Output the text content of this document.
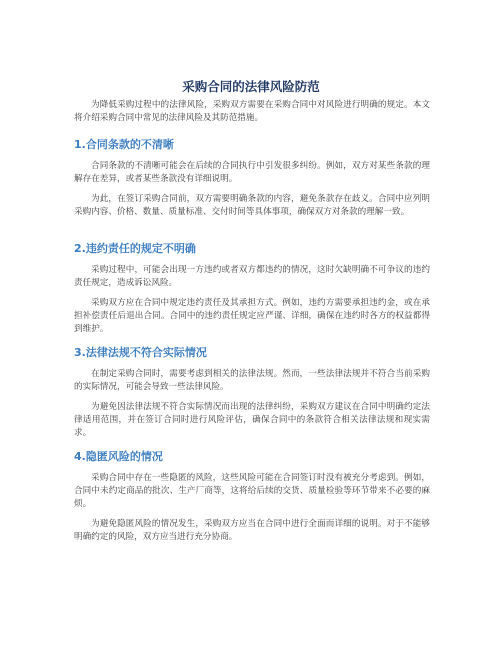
采购合同的法律风险防范

为降低采购过程中的法律风险，采购双方需要在采购合同中对风险进行明确的规定。本文将介绍采购合同中常见的法律风险及其防范措施。

1.合同条款的不清晰

合同条款的不清晰可能会在后续的合同执行中引发很多纠纷。例如，双方对某些条款的理解存在差异，或者某些条款没有详细说明。

为此，在签订采购合同前，双方需要明确条款的内容，避免条款存在歧义。合同中应列明采购内容、价格、数量、质量标准、交付时间等具体事项，确保双方对条款的理解一致。

2.违约责任的规定不明确

采购过程中，可能会出现一方违约或者双方都违约的情况，这时欠缺明确不可争议的违约责任规定，造成诉讼风险。

采购双方应在合同中规定违约责任及其承担方式。例如，违约方需要承担违约金，或在承担补偿责任后退出合同。合同中的违约责任规定应严谨、详细，确保在违约时各方的权益都得到维护。

3.法律法规不符合实际情况

在制定采购合同时，需要考虑到相关的法律法规。然而，一些法律法规并不符合当前采购的实际情况，可能会导致一些法律风险。

为避免因法律法规不符合实际情况而出现的法律纠纷，采购双方建议在合同中明确约定法律适用范围，并在签订合同时进行风险评估，确保合同中的条款符合相关法律法规和现实需求。

4.隐匿风险的情况

采购合同中存在一些隐匿的风险，这些风险可能在合同签订时没有被充分考虑到。例如，合同中未约定商品的批次、生产厂商等，这将给后续的交货、质量检验等环节带来不必要的麻烦。

为避免隐匿风险的情况发生，采购双方应当在合同中进行全面而详细的说明。对于不能够明确约定的风险，双方应当进行充分协商。
